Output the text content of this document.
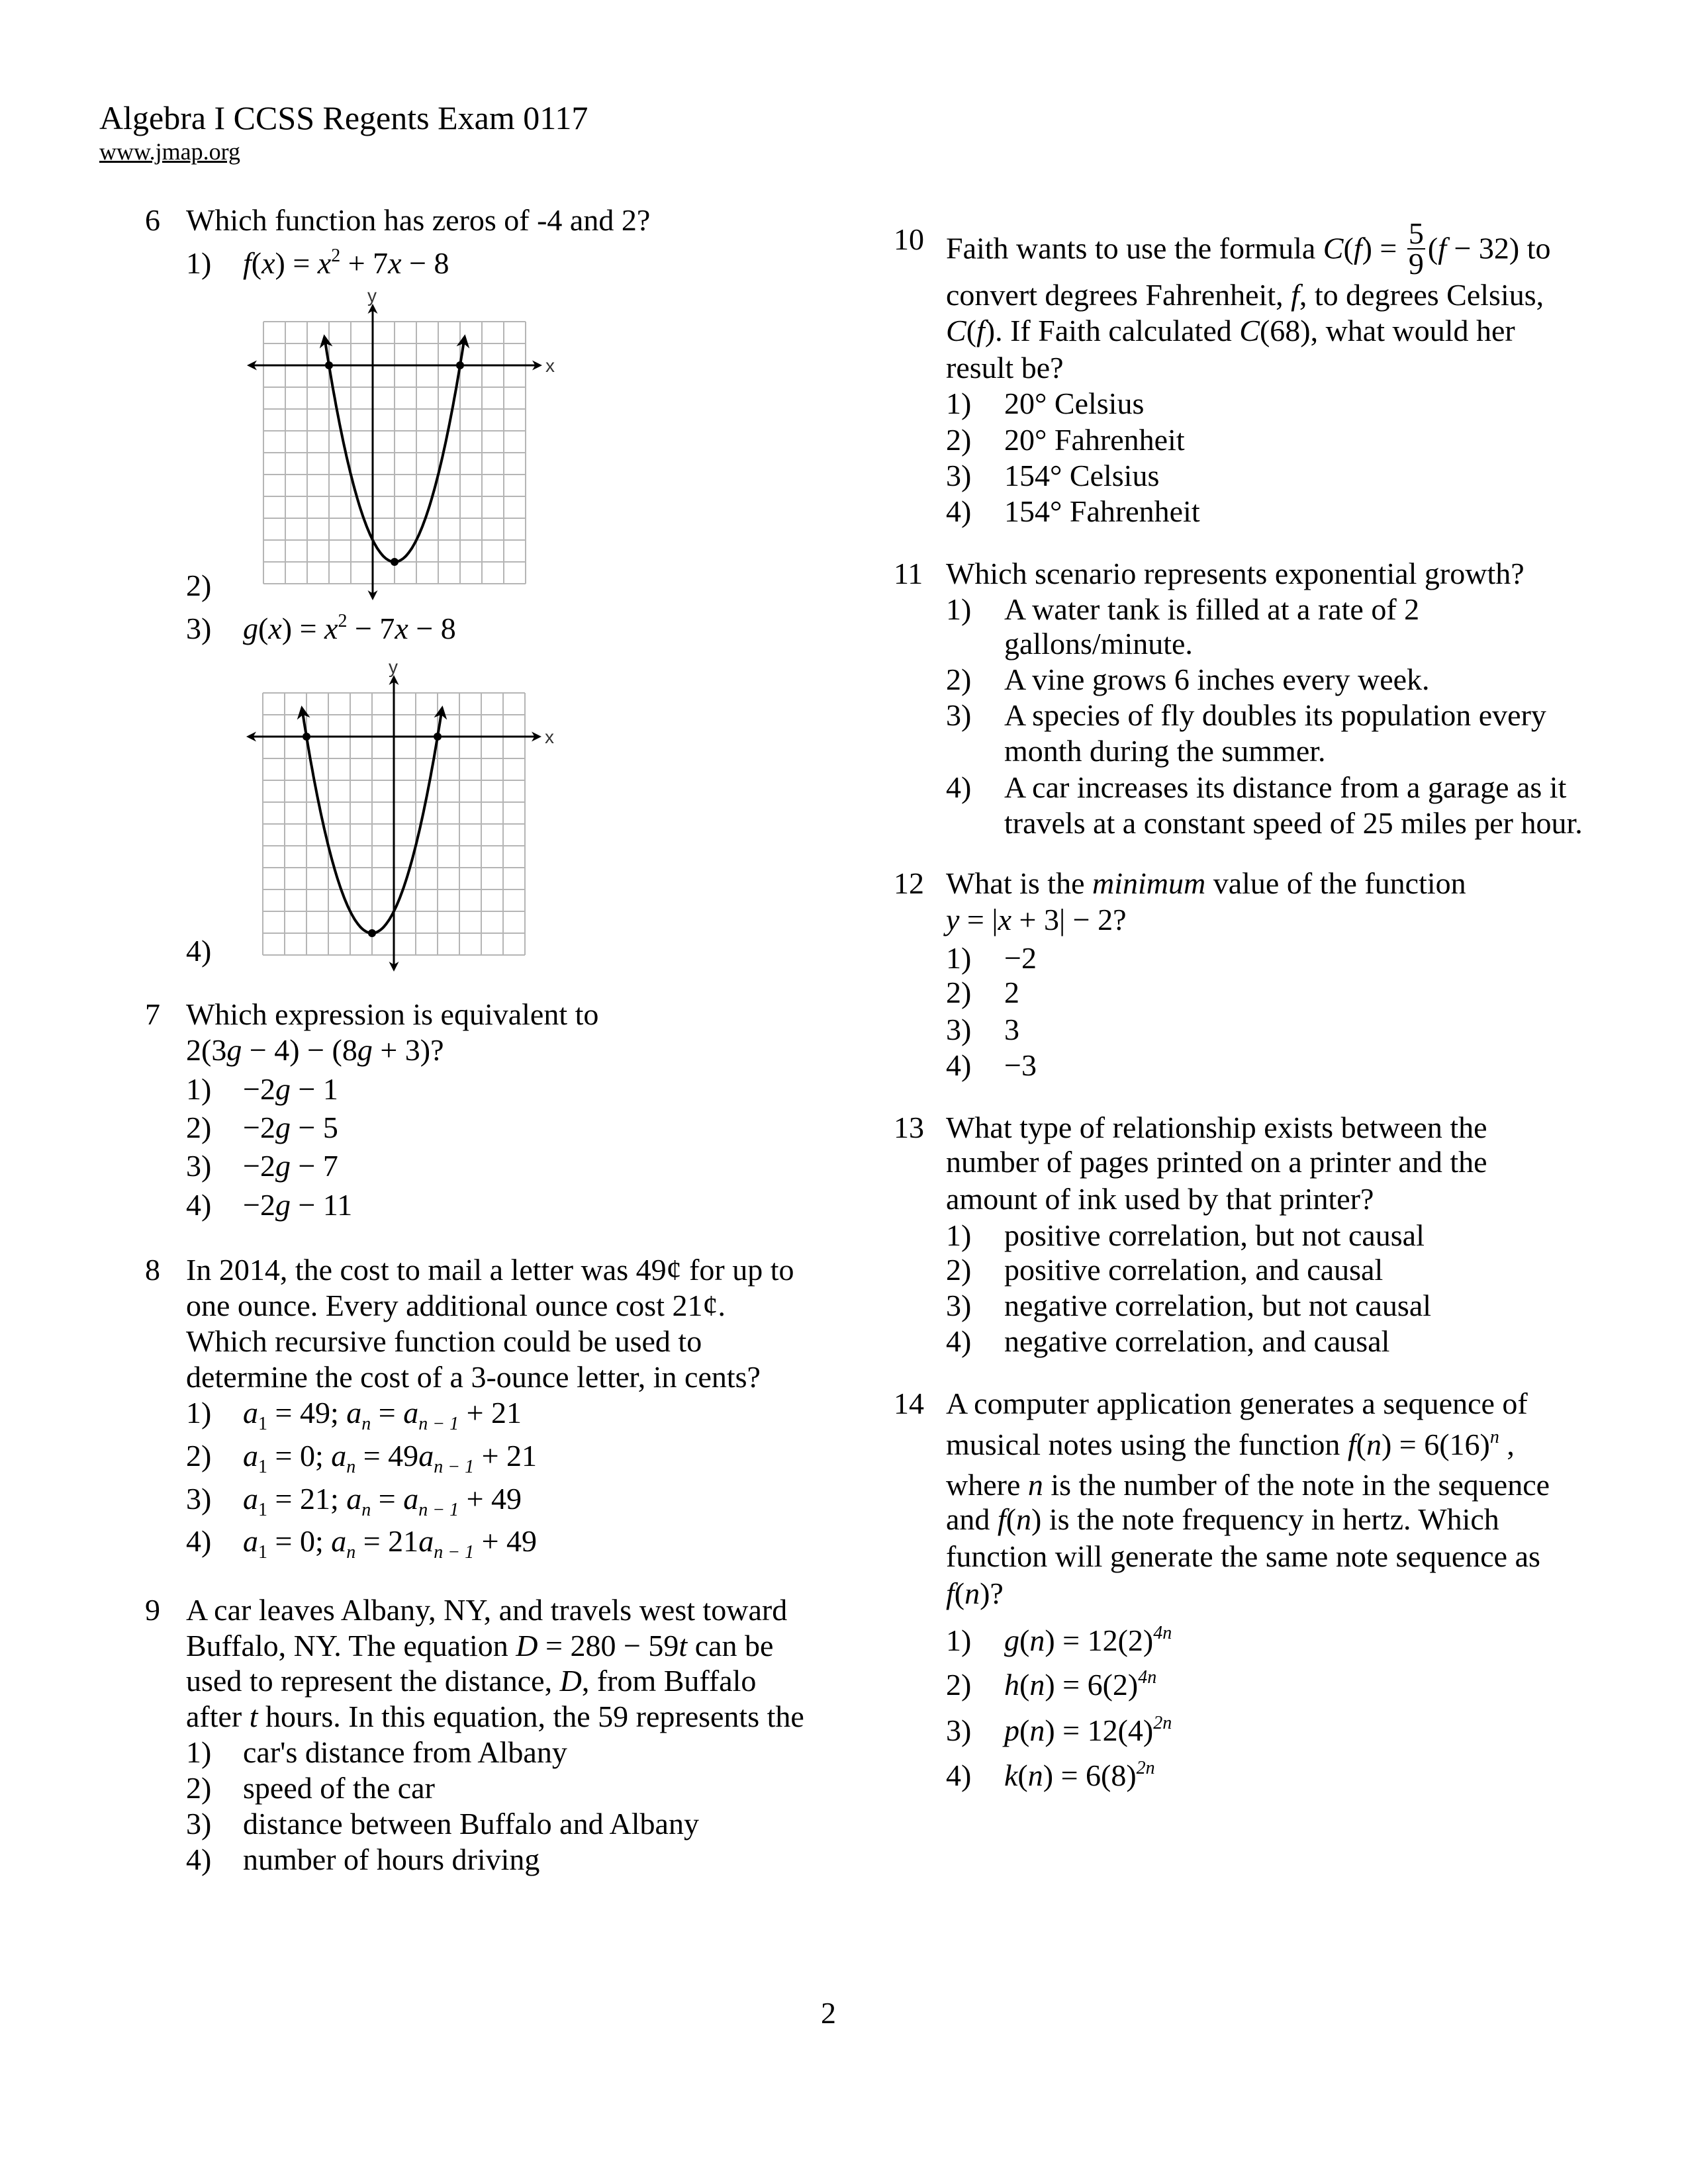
Algebra I CCSS Regents Exam 0117
www.jmap.org
6 Which function has zeros of -4 and 2?
1) $f(x) = x^2 + 7x - 8$
x
y
2)
3) $g(x) = x^2 - 7x - 8$
x
y
4)
7 Which expression is equivalent to
2(3g − 4) − (8g + 3)?
1) −2g − 1
2) −2g − 5
3) −2g − 7
4) −2g − 11
8 In 2014, the cost to mail a letter was 49¢ for up to
one ounce. Every additional ounce cost 21¢.
Which recursive function could be used to
determine the cost of a 3-ounce letter, in cents?
1) $a_1 = 49$; $a_n = a_{n - 1} + 21$
2) $a_1 = 0$; $a_n = 49a_{n - 1} + 21$
3) $a_1 = 21$; $a_n = a_{n - 1} + 49$
4) $a_1 = 0$; $a_n = 21a_{n - 1} + 49$
9 A car leaves Albany, NY, and travels west toward
Buffalo, NY. The equation D = 280 − 59t can be
used to represent the distance, D, from Buffalo
after t hours. In this equation, the 59 represents the
1) car's distance from Albany
2) speed of the car
3) distance between Buffalo and Albany
4) number of hours driving
10 Faith wants to use the formula $C(f) = \frac{5}{9} (f - 32)$ to
convert degrees Fahrenheit, f, to degrees Celsius,
C(f). If Faith calculated C(68), what would her
result be?
1) 20° Celsius
2) 20° Fahrenheit
3) 154° Celsius
4) 154° Fahrenheit
11 Which scenario represents exponential growth?
1) A water tank is filled at a rate of 2
gallons/minute.
2) A vine grows 6 inches every week.
3) A species of fly doubles its population every
month during the summer.
4) A car increases its distance from a garage as it
travels at a constant speed of 25 miles per hour.
12 What is the minimum value of the function
y = |x + 3| − 2?
1) −2
2) 2
3) 3
4) −3
13 What type of relationship exists between the
number of pages printed on a printer and the
amount of ink used by that printer?
1) positive correlation, but not causal
2) positive correlation, and causal
3) negative correlation, but not causal
4) negative correlation, and causal
14 A computer application generates a sequence of
musical notes using the function $f(n) = 6(16)^n$ ,
where n is the number of the note in the sequence
and f(n) is the note frequency in hertz. Which
function will generate the same note sequence as
f(n)?
1) $g(n) = 12(2)^{4n}$
2) $h(n) = 6(2)^{4n}$
3) $p(n) = 12(4)^{2n}$
4) $k(n) = 6(8)^{2n}$
2
